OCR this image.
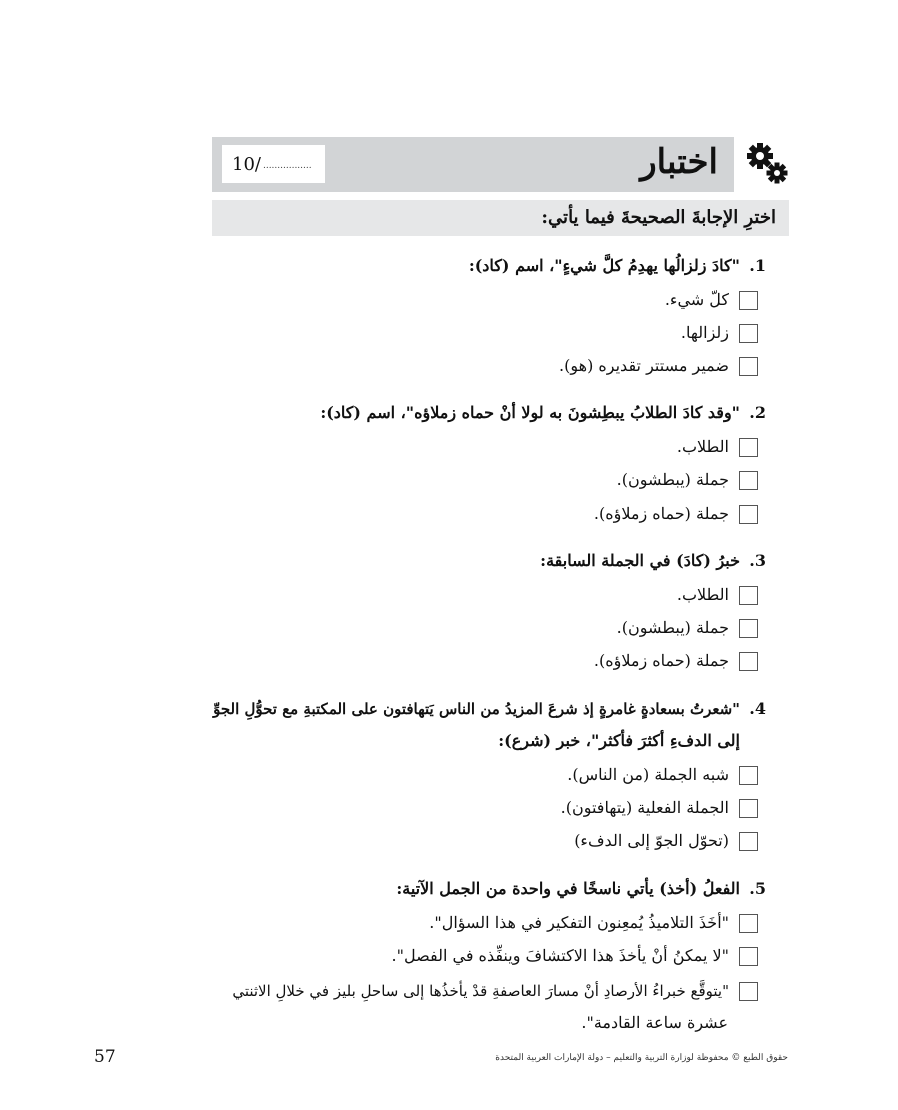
10/ .................	اختبار

اخترِ الإجابةَ الصحيحةَ فيما يأتي:

.1
"كادَ زلزالُها يهدِمُ كلَّ شيءٍ"، اسم (كاد):
كلّ شيء.
زلزالها.
ضمير مستتر تقديره (هو).
.2
"وقد كادَ الطلابُ يبطِشونَ به لولا أنْ حماه زملاؤه"، اسم (كاد):
الطلاب.
جملة (يبطشون).
جملة (حماه زملاؤه).
.3
خبرُ (كادَ) في الجملة السابقة:
الطلاب.
جملة (يبطشون).
جملة (حماه زملاؤه).
.4
"شعرتُ بسعادةٍ غامرةٍ إذ شرعَ المزيدُ من الناس يَتهافتون على المكتبةِ مع تحوُّلِ الجوِّ
إلى الدفءِ أكثرَ فأكثر"، خبر (شرع):
شبه الجملة (من الناس).
الجملة الفعلية (يتهافتون).
(تحوّل الجوّ إلى الدفء)
.5
الفعلُ (أخذ) يأتي ناسخًا في واحدة من الجمل الآتية:
"أخَذَ التلاميذُ يُمعِنون التفكير في هذا السؤال".
"لا يمكنُ أنْ يأخذَ هذا الاكتشافَ وينفِّذه في الفصل".
"يتوقَّع خبراءُ الأرصادِ أنْ مسارَ العاصفةِ قدْ يأخذُها إلى ساحلِ بليز في خلالِ الاثنتي
عشرة ساعة القادمة".
57	حقوق الطبع © محفوظة لوزارة التربية والتعليم – دولة الإمارات العربية المتحدة
